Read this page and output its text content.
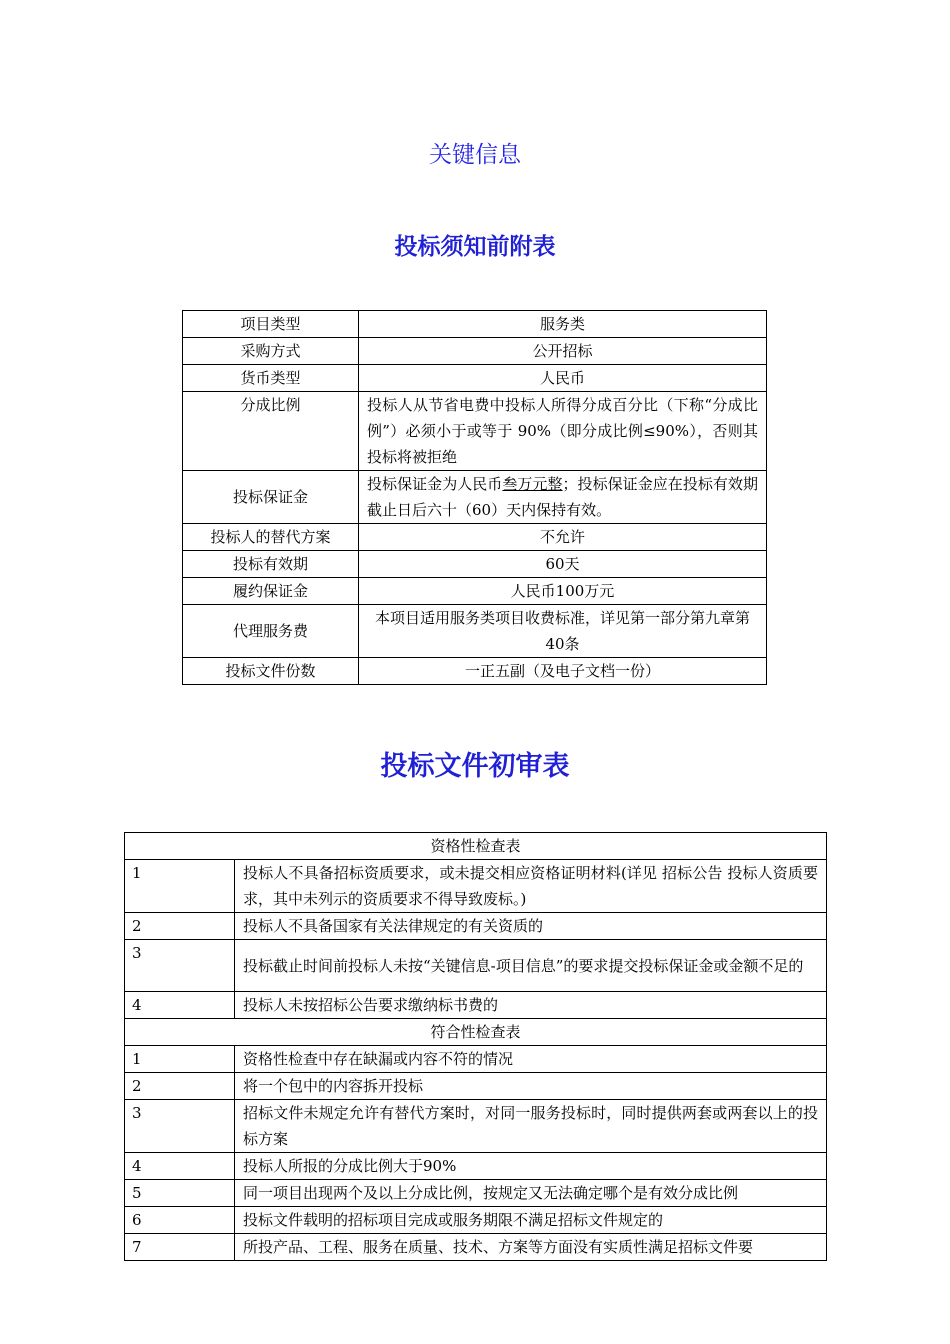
关键信息
投标须知前附表
项目类型	服务类
采购方式	公开招标
货币类型	人民币
分成比例	投标人从节省电费中投标人所得分成百分比（下称“分成比例”）必须小于或等于 90%（即分成比例≤90%），否则其投标将被拒绝
投标保证金	投标保证金为人民币叁万元整；投标保证金应在投标有效期截止日后六十（60）天内保持有效。
投标人的替代方案	不允许
投标有效期	60天
履约保证金	人民币100万元
代理服务费	本项目适用服务类项目收费标准，详见第一部分第九章第40条
投标文件份数	一正五副（及电子文档一份）
投标文件初审表
资格性检查表	
1	投标人不具备招标资质要求，或未提交相应资格证明材料(详见 招标公告 投标人资质要求，其中未列示的资质要求不得导致废标。)
2	投标人不具备国家有关法律规定的有关资质的
3	投标截止时间前投标人未按“关键信息-项目信息”的要求提交投标保证金或金额不足的
4	投标人未按招标公告要求缴纳标书费的
符合性检查表	
1	资格性检查中存在缺漏或内容不符的情况
2	将一个包中的内容拆开投标
3	招标文件未规定允许有替代方案时，对同一服务投标时，同时提供两套或两套以上的投标方案
4	投标人所报的分成比例大于90%
5	同一项目出现两个及以上分成比例，按规定又无法确定哪个是有效分成比例
6	投标文件载明的招标项目完成或服务期限不满足招标文件规定的
7	所投产品、工程、服务在质量、技术、方案等方面没有实质性满足招标文件要
